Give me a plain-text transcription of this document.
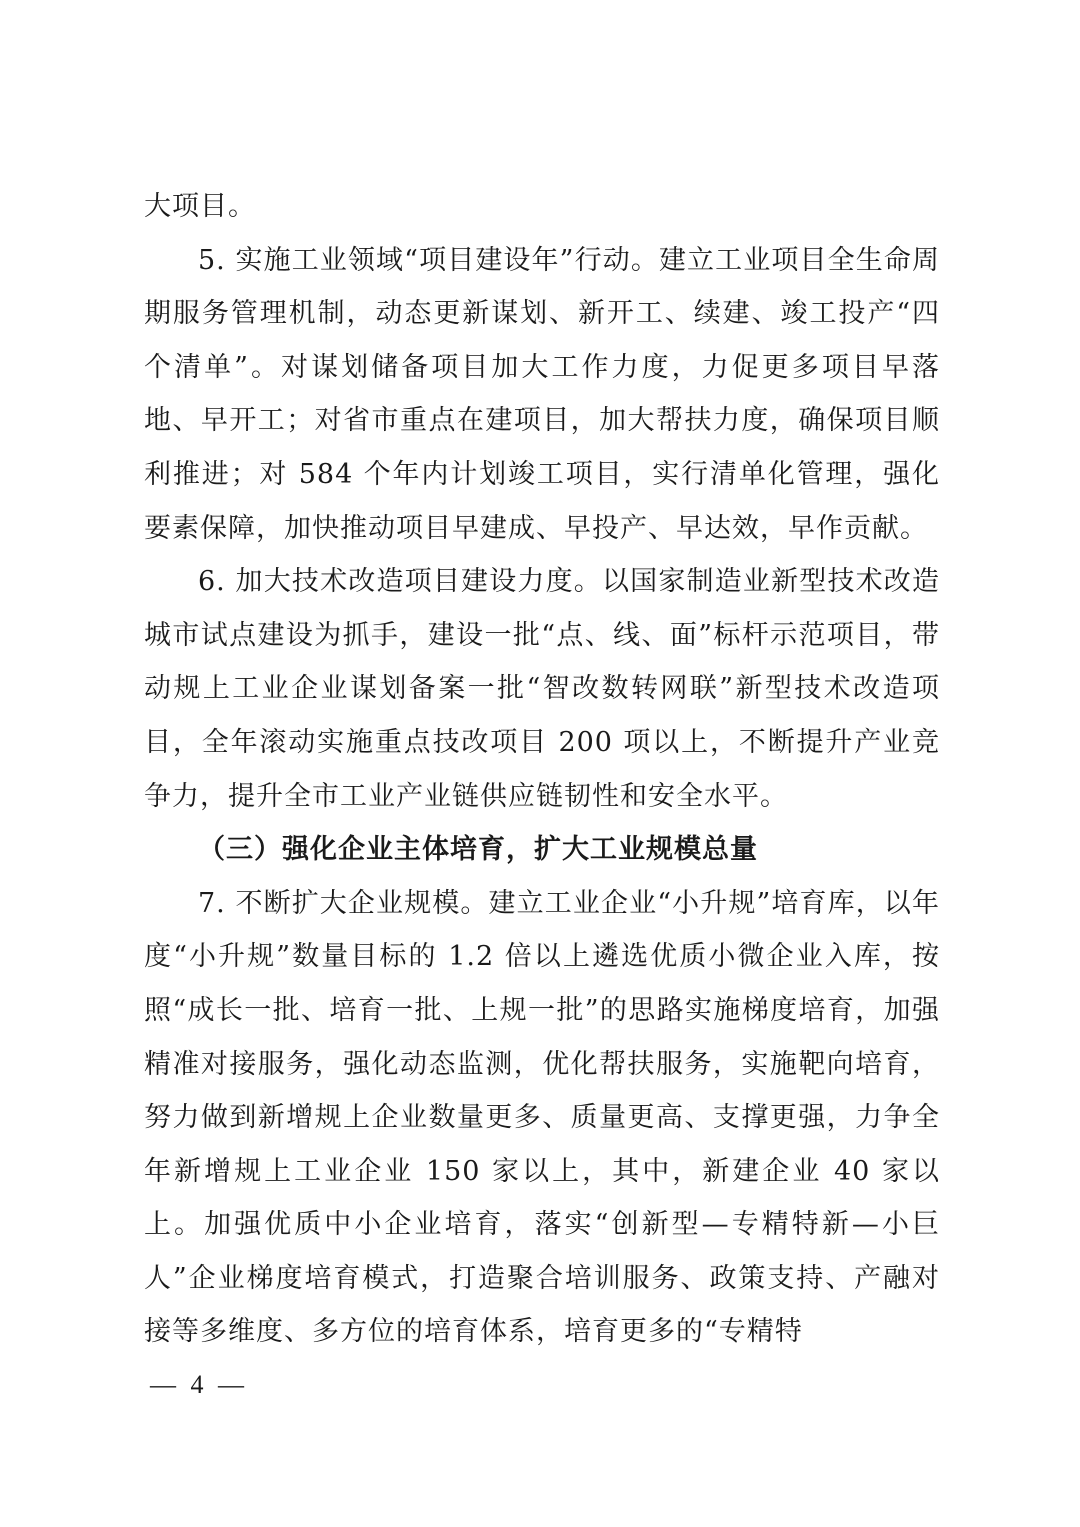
大项目。

5. 实施工业领域“项目建设年”行动。建立工业项目全生命周期服务管理机制，动态更新谋划、新开工、续建、竣工投产“四个清单”。对谋划储备项目加大工作力度，力促更多项目早落地、早开工；对省市重点在建项目，加大帮扶力度，确保项目顺利推进；对 584 个年内计划竣工项目，实行清单化管理，强化要素保障，加快推动项目早建成、早投产、早达效，早作贡献。

6. 加大技术改造项目建设力度。以国家制造业新型技术改造城市试点建设为抓手，建设一批“点、线、面”标杆示范项目，带动规上工业企业谋划备案一批“智改数转网联”新型技术改造项目，全年滚动实施重点技改项目 200 项以上，不断提升产业竞争力，提升全市工业产业链供应链韧性和安全水平。

（三）强化企业主体培育，扩大工业规模总量

7. 不断扩大企业规模。建立工业企业“小升规”培育库，以年度“小升规”数量目标的 1.2 倍以上遴选优质小微企业入库，按照“成长一批、培育一批、上规一批”的思路实施梯度培育，加强精准对接服务，强化动态监测，优化帮扶服务，实施靶向培育，努力做到新增规上企业数量更多、质量更高、支撑更强，力争全年新增规上工业企业 150 家以上，其中，新建企业 40 家以上。加强优质中小企业培育，落实“创新型—专精特新—小巨人”企业梯度培育模式，打造聚合培训服务、政策支持、产融对接等多维度、多方位的培育体系，培育更多的“专精特

— 4 —
